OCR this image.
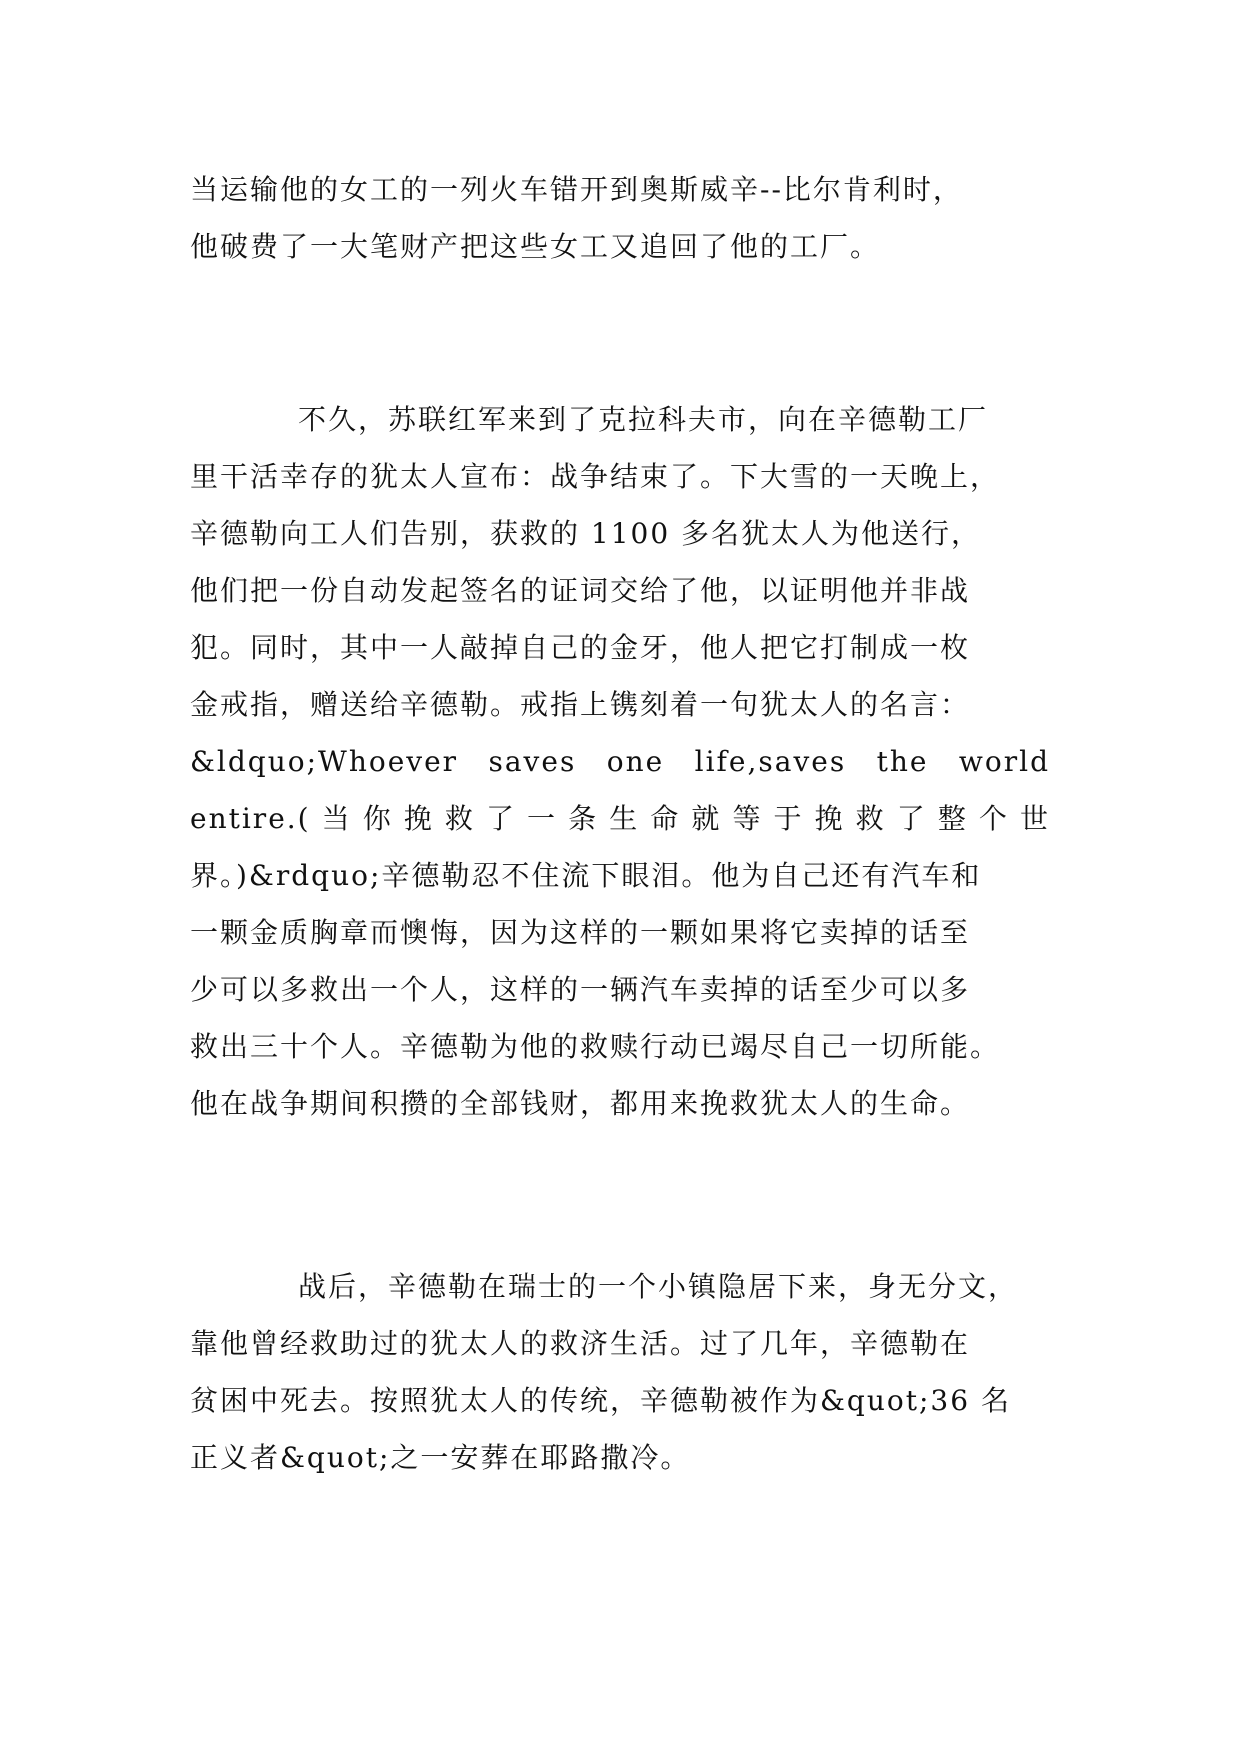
当运输他的女工的一列火车错开到奥斯威辛--比尔肯利时，
他破费了一大笔财产把这些女工又追回了他的工厂。
不久，苏联红军来到了克拉科夫市，向在辛德勒工厂
里干活幸存的犹太人宣布：战争结束了。下大雪的一天晚上，
辛德勒向工人们告别，获救的 1100 多名犹太人为他送行，
他们把一份自动发起签名的证词交给了他，以证明他并非战
犯。同时，其中一人敲掉自己的金牙，他人把它打制成一枚
金戒指，赠送给辛德勒。戒指上镌刻着一句犹太人的名言：
&ldquo;Whoever saves one life,saves the world
entire.(当你挽救了一条生命就等于挽救了整个世
界。)&rdquo;辛德勒忍不住流下眼泪。他为自己还有汽车和
一颗金质胸章而懊悔，因为这样的一颗如果将它卖掉的话至
少可以多救出一个人，这样的一辆汽车卖掉的话至少可以多
救出三十个人。辛德勒为他的救赎行动已竭尽自己一切所能。
他在战争期间积攒的全部钱财，都用来挽救犹太人的生命。
战后，辛德勒在瑞士的一个小镇隐居下来，身无分文，
靠他曾经救助过的犹太人的救济生活。过了几年，辛德勒在
贫困中死去。按照犹太人的传统，辛德勒被作为&quot;36 名
正义者&quot;之一安葬在耶路撒冷。
